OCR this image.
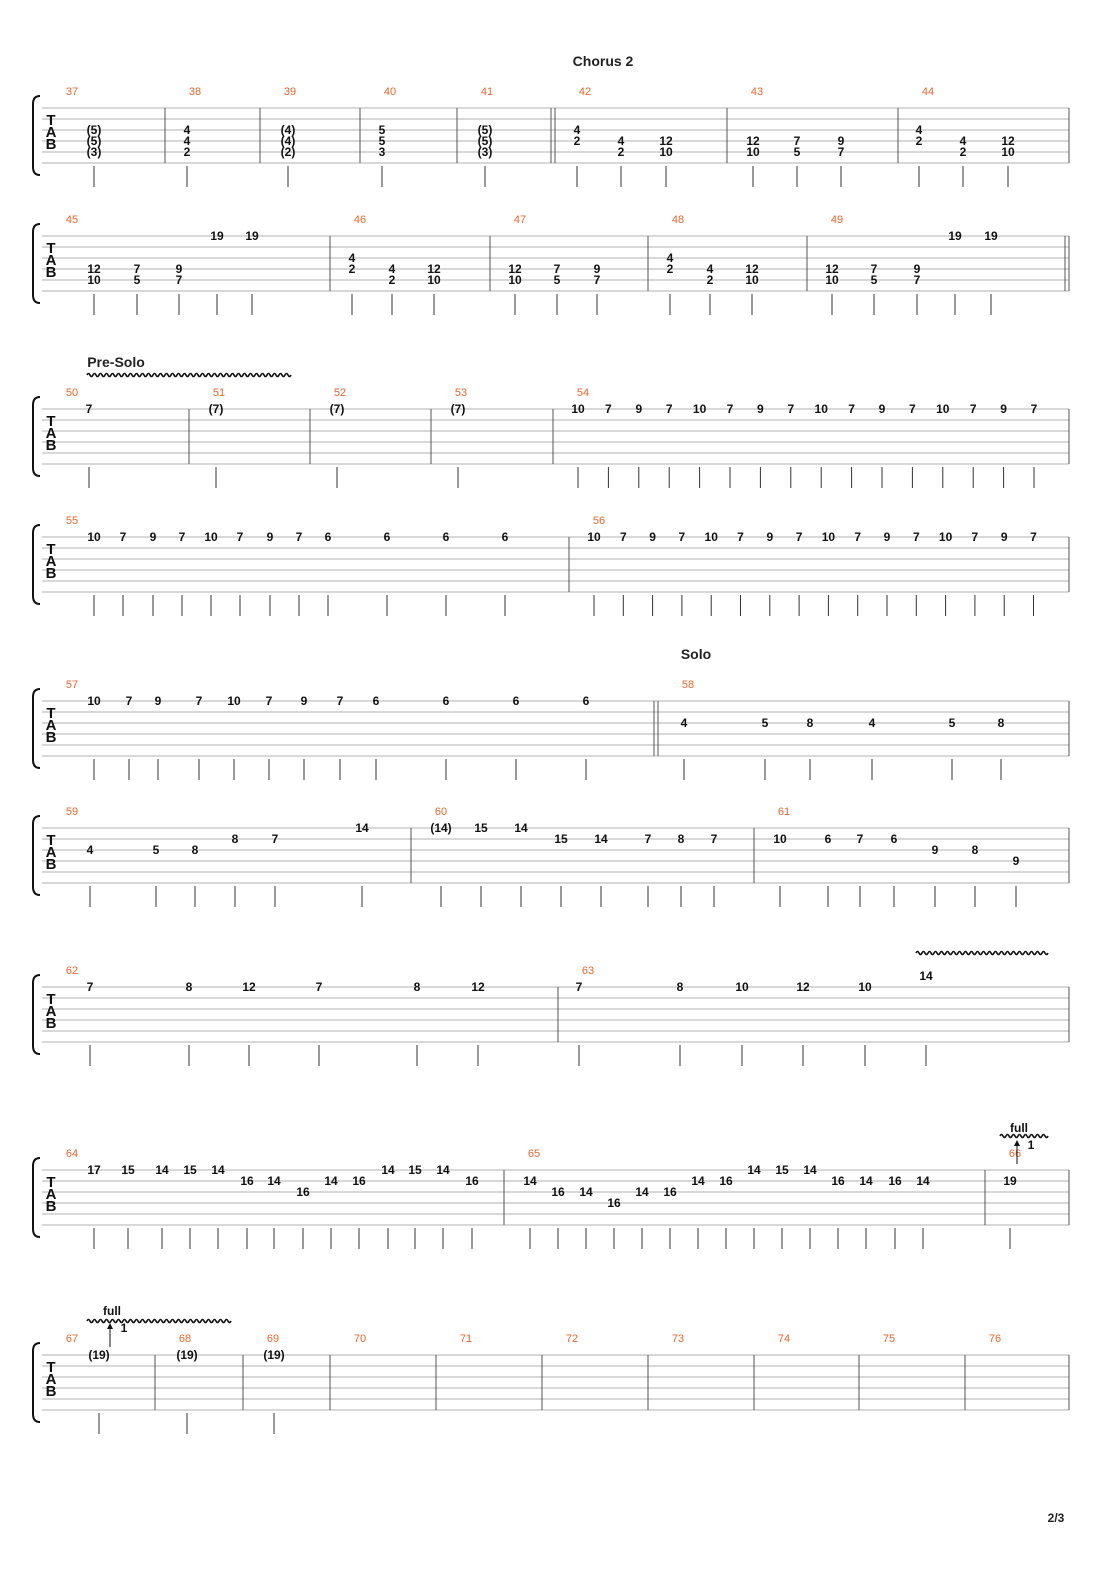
Chorus 2
T
A
B
37
(5)
(5)
(3)
38
4
4
2
(4)
(4)
(2)
39	40
5
5
3
(5)
(5)
(3)
41	42
4
2	4
2
12
10
43
12
10
7
5
9
7
44
4
2	4
2
12
10
T
A
B
45
12
10
7
5
9
7
19 19
46
4
2	4
2
12
10
47
12
10
7
5
9
7
48
4
2	4
2
12
10
49
12
10
7
5
9
7
19 19
Pre-Solo
T
A
B
50
7
51
(7)
52
(7)
53
(7)
54
10 7 9 7 10 7 9 7 10 7 9 7 10 7 9 7
T
A
B
55
10 7 9 7 10 7 9 7 6	6	6	6
56
10 7 9 7 10 7 9 7 10 7 9 7 10 7 9 7
Solo
T
A
B
57
10 7 9	7 10 7 9 7 6	6	6	6
58
4	5	8	4	5	8
T
A
B
59
4	5	8
8	7
14
60
(14) 15 14
15 14	7 8 7
61
10	6 7 6
9	8
9
T
A
B
62
7	8	12	7	8	12
63
7	8	10	12	10
14
T
A
B
64
17 15 14 15 14
16 14
16
14 16
14 15 14
16
65
14
16 14
16
14 16
14 16
14 15 14
16 14 16 14
66
19
T
A
B
67
(19)
68
(19)
69
(19)
70	71	72	73	74	75	76
2/3
full
1
full
1
